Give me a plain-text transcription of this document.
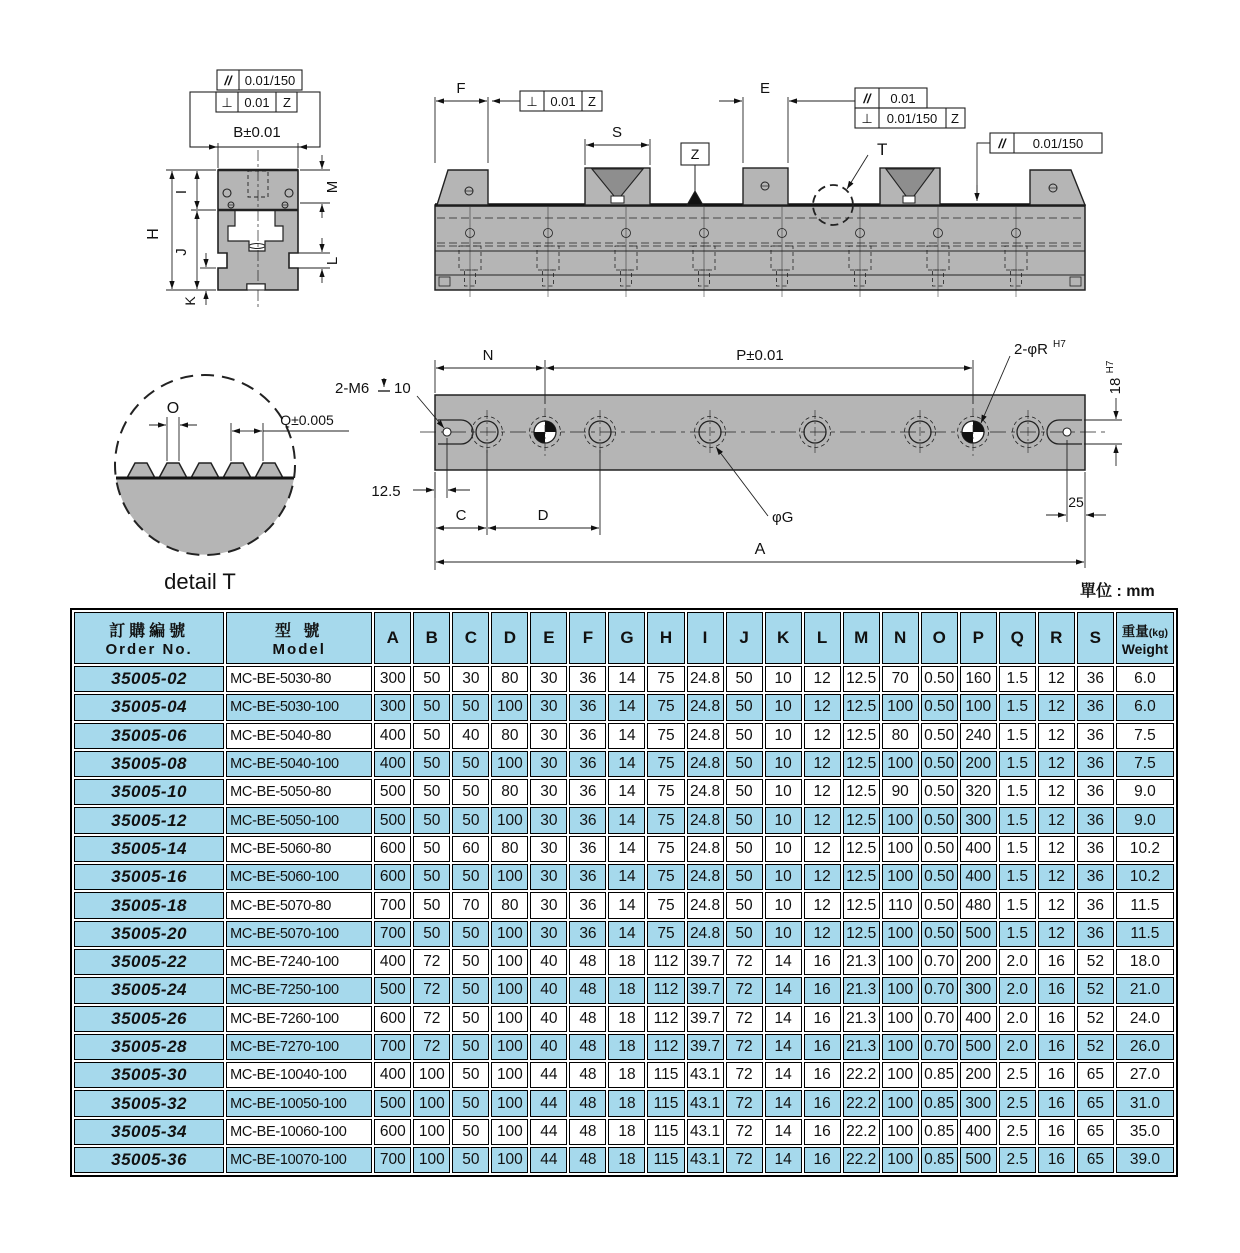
// 0.01/150
⊥ 0.01 Z
B±0.01
H
I
J
K
M
L
Z	T
F
⊥ 0.01 Z
S
E
// 0.01
⊥ 0.01/150 Z
// 0.01/150
O
Q±0.005
detail T
N	P±0.01	2-φR H7
18
H7
12.5
C	D	φG
25
A
2-M6 10
單位 : mm
訂購編號
Order No.

型 號
Model
	A	B	C	D	E	F	G	H	I	J	K	L	M	N	O	P	Q	R	S	重量(kg)
Weight

35005-02	MC-BE-5030-80	300	50	30	80	30	36	14	75	24.8	50	10	12	12.5	70	0.50	160	1.5	12	36	6.0
35005-04	MC-BE-5030-100	300	50	50	100	30	36	14	75	24.8	50	10	12	12.5	100	0.50	100	1.5	12	36	6.0
35005-06	MC-BE-5040-80	400	50	40	80	30	36	14	75	24.8	50	10	12	12.5	80	0.50	240	1.5	12	36	7.5
35005-08	MC-BE-5040-100	400	50	50	100	30	36	14	75	24.8	50	10	12	12.5	100	0.50	200	1.5	12	36	7.5
35005-10	MC-BE-5050-80	500	50	50	80	30	36	14	75	24.8	50	10	12	12.5	90	0.50	320	1.5	12	36	9.0
35005-12	MC-BE-5050-100	500	50	50	100	30	36	14	75	24.8	50	10	12	12.5	100	0.50	300	1.5	12	36	9.0
35005-14	MC-BE-5060-80	600	50	60	80	30	36	14	75	24.8	50	10	12	12.5	100	0.50	400	1.5	12	36	10.2
35005-16	MC-BE-5060-100	600	50	50	100	30	36	14	75	24.8	50	10	12	12.5	100	0.50	400	1.5	12	36	10.2
35005-18	MC-BE-5070-80	700	50	70	80	30	36	14	75	24.8	50	10	12	12.5	110	0.50	480	1.5	12	36	11.5
35005-20	MC-BE-5070-100	700	50	50	100	30	36	14	75	24.8	50	10	12	12.5	100	0.50	500	1.5	12	36	11.5
35005-22	MC-BE-7240-100	400	72	50	100	40	48	18	112	39.7	72	14	16	21.3	100	0.70	200	2.0	16	52	18.0
35005-24	MC-BE-7250-100	500	72	50	100	40	48	18	112	39.7	72	14	16	21.3	100	0.70	300	2.0	16	52	21.0
35005-26	MC-BE-7260-100	600	72	50	100	40	48	18	112	39.7	72	14	16	21.3	100	0.70	400	2.0	16	52	24.0
35005-28	MC-BE-7270-100	700	72	50	100	40	48	18	112	39.7	72	14	16	21.3	100	0.70	500	2.0	16	52	26.0
35005-30	MC-BE-10040-100	400	100	50	100	44	48	18	115	43.1	72	14	16	22.2	100	0.85	200	2.5	16	65	27.0
35005-32	MC-BE-10050-100	500	100	50	100	44	48	18	115	43.1	72	14	16	22.2	100	0.85	300	2.5	16	65	31.0
35005-34	MC-BE-10060-100	600	100	50	100	44	48	18	115	43.1	72	14	16	22.2	100	0.85	400	2.5	16	65	35.0
35005-36	MC-BE-10070-100	700	100	50	100	44	48	18	115	43.1	72	14	16	22.2	100	0.85	500	2.5	16	65	39.0
